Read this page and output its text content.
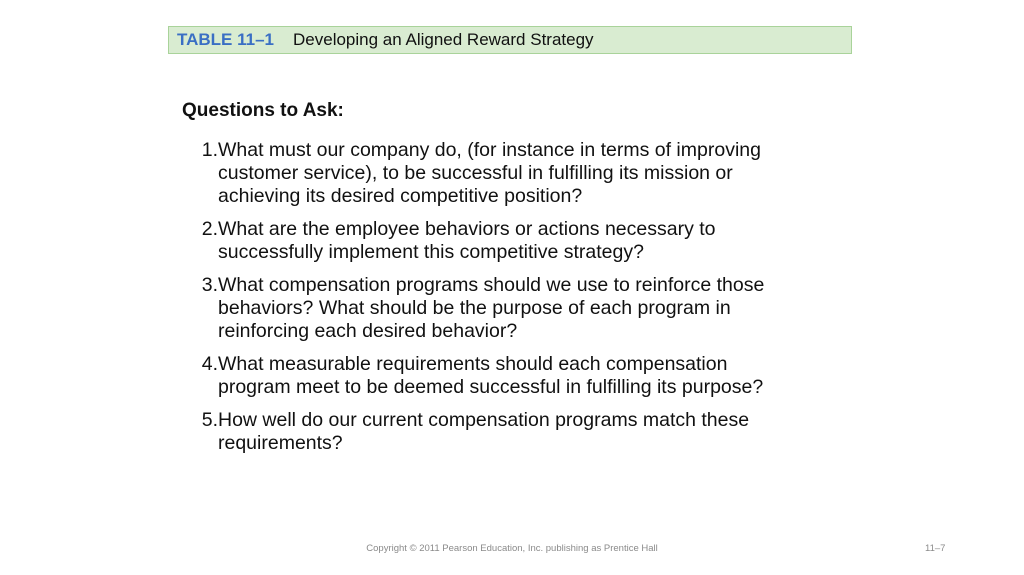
TABLE 11–1 Developing an Aligned Reward Strategy
Questions to Ask:
1. What must our company do, (for instance in terms of improving customer service), to be successful in fulfilling its mission or achieving its desired competitive position?
2. What are the employee behaviors or actions necessary to successfully implement this competitive strategy?
3. What compensation programs should we use to reinforce those behaviors? What should be the purpose of each program in reinforcing each desired behavior?
4. What measurable requirements should each compensation program meet to be deemed successful in fulfilling its purpose?
5. How well do our current compensation programs match these requirements?
Copyright © 2011 Pearson Education, Inc. publishing as Prentice Hall	11–7
